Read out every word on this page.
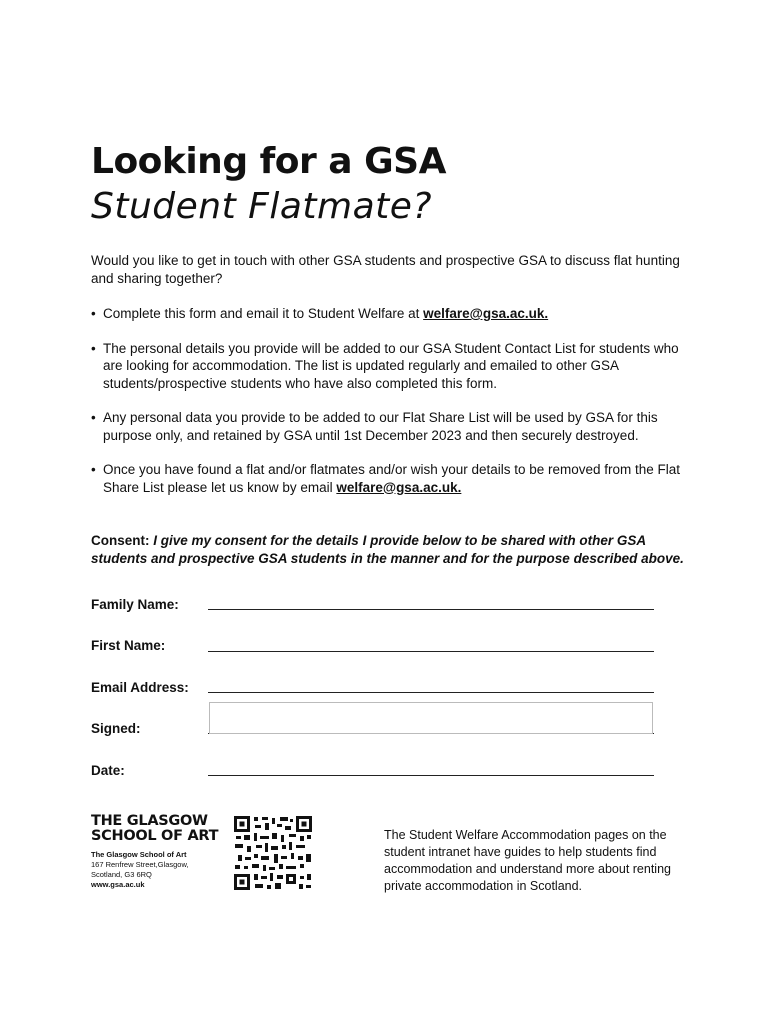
Looking for a GSA
Student Flatmate?
Would you like to get in touch with other GSA students and prospective GSA to discuss flat hunting and sharing together?
• Complete this form and email it to Student Welfare at welfare@gsa.ac.uk.
• The personal details you provide will be added to our GSA Student Contact List for students who are looking for accommodation. The list is updated regularly and emailed to other GSA students/prospective students who have also completed this form.
• Any personal data you provide to be added to our Flat Share List will be used by GSA for this purpose only, and retained by GSA until 1st December 2023 and then securely destroyed.
• Once you have found a flat and/or flatmates and/or wish your details to be removed from the Flat Share List please let us know by email welfare@gsa.ac.uk.
Consent: I give my consent for the details I provide below to be shared with other GSA students and prospective GSA students in the manner and for the purpose described above.
Family Name:
First Name:
Email Address:
Signed:
Date:
THE GLASGOW
SCHOOL OF ART
The Glasgow School of Art
167 Renfrew Street,Glasgow,
Scotland, G3 6RQ
www.gsa.ac.uk
The Student Welfare Accommodation pages on the student intranet have guides to help students find accommodation and understand more about renting private accommodation in Scotland.
